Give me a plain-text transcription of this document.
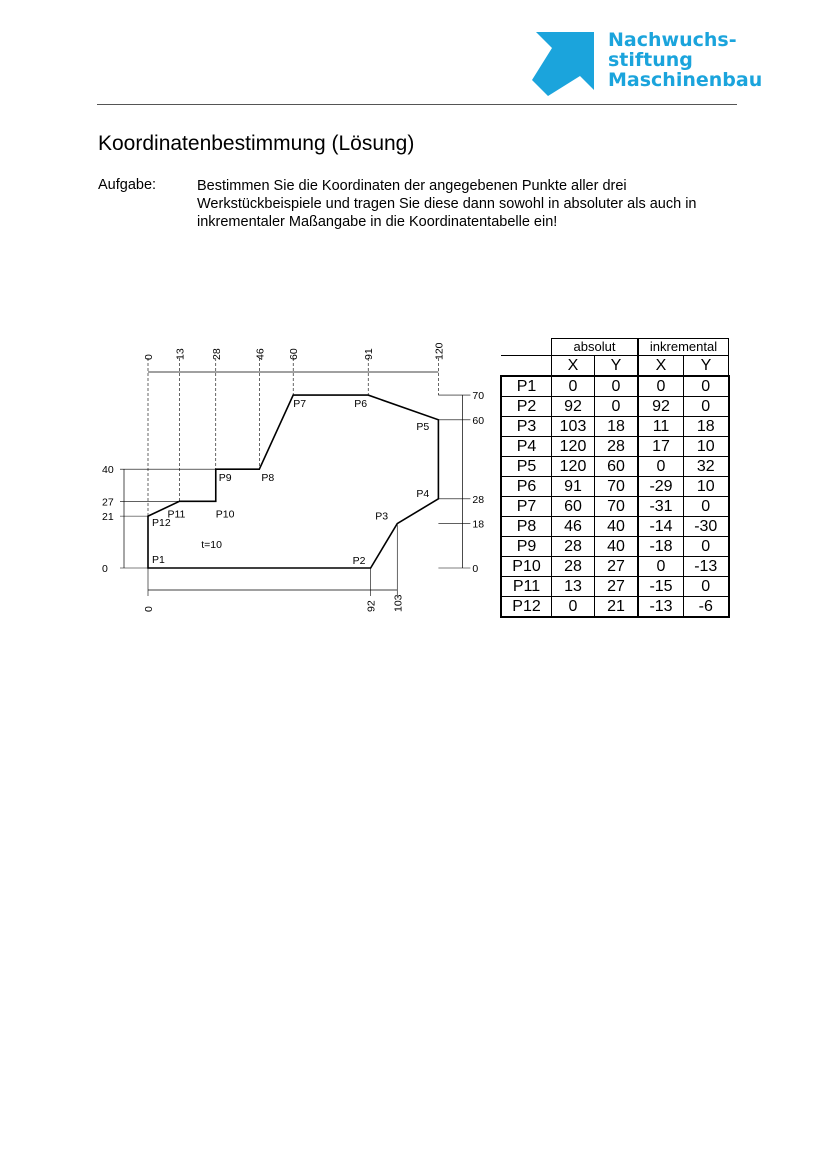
Nachwuchs-
stiftung
Maschinenbau
Koordinatenbestimmung (Lösung)
Aufgabe:	Bestimmen Sie die Koordinaten der angegebenen Punkte aller drei Werkstückbeispiele und tragen Sie diese dann sowohl in absoluter als auch in inkrementaler Maßangabe in die Koordinatentabelle ein!
P1	P2
P3
P4
P5
P6
P7
P8
P9
P10
P11
P12
t=10
0 13 28	46 60	91	120
70
60
28
18
0
40
27
21
0
0	92 103
	absolut		inkremental	
	X	Y	X	Y
P1	0	0	0	0
P2	92	0	92	0
P3	103	18	11	18
P4	120	28	17	10
P5	120	60	0	32
P6	91	70	-29	10
P7	60	70	-31	0
P8	46	40	-14	-30
P9	28	40	-18	0
P10	28	27	0	-13
P11	13	27	-15	0
P12	0	21	-13	-6
